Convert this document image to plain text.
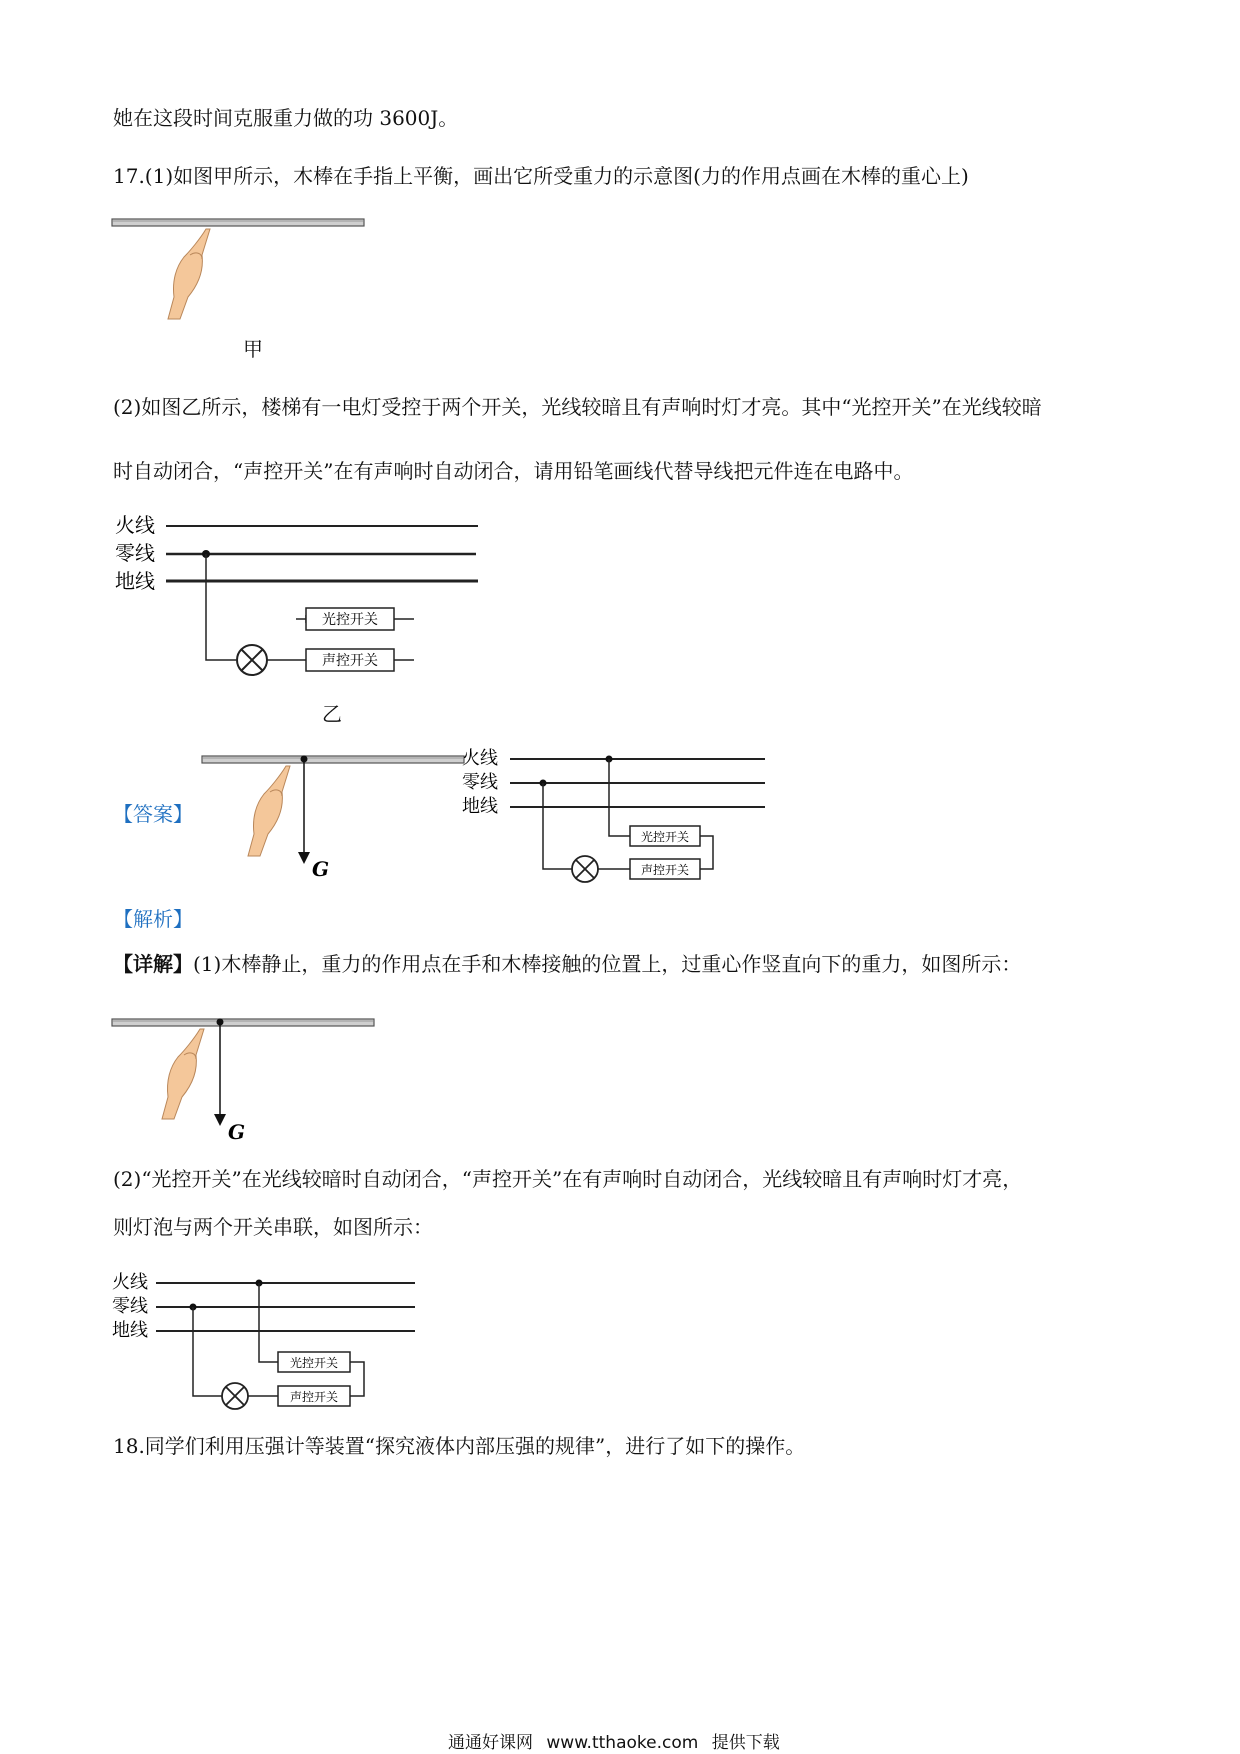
她在这段时间克服重力做的功 3600J。
17.(1)如图甲所示，木棒在手指上平衡，画出它所受重力的示意图(力的作用点画在木棒的重心上)
甲
(2)如图乙所示，楼梯有一电灯受控于两个开关，光线较暗且有声响时灯才亮。其中“光控开关”在光线较暗
时自动闭合，“声控开关”在有声响时自动闭合，请用铅笔画线代替导线把元件连在电路中。
火线
零线
地线
光控开关
声控开关
乙
【答案】
G
火线
零线
地线
光控开关
声控开关
【解析】
【详解】(1)木棒静止，重力的作用点在手和木棒接触的位置上，过重心作竖直向下的重力，如图所示：
G
(2)“光控开关”在光线较暗时自动闭合，“声控开关”在有声响时自动闭合，光线较暗且有声响时灯才亮，
则灯泡与两个开关串联，如图所示：
火线
零线
地线
光控开关
声控开关
18.同学们利用压强计等装置“探究液体内部压强的规律”，进行了如下的操作。
通通好课网 www.tthaoke.com 提供下载
